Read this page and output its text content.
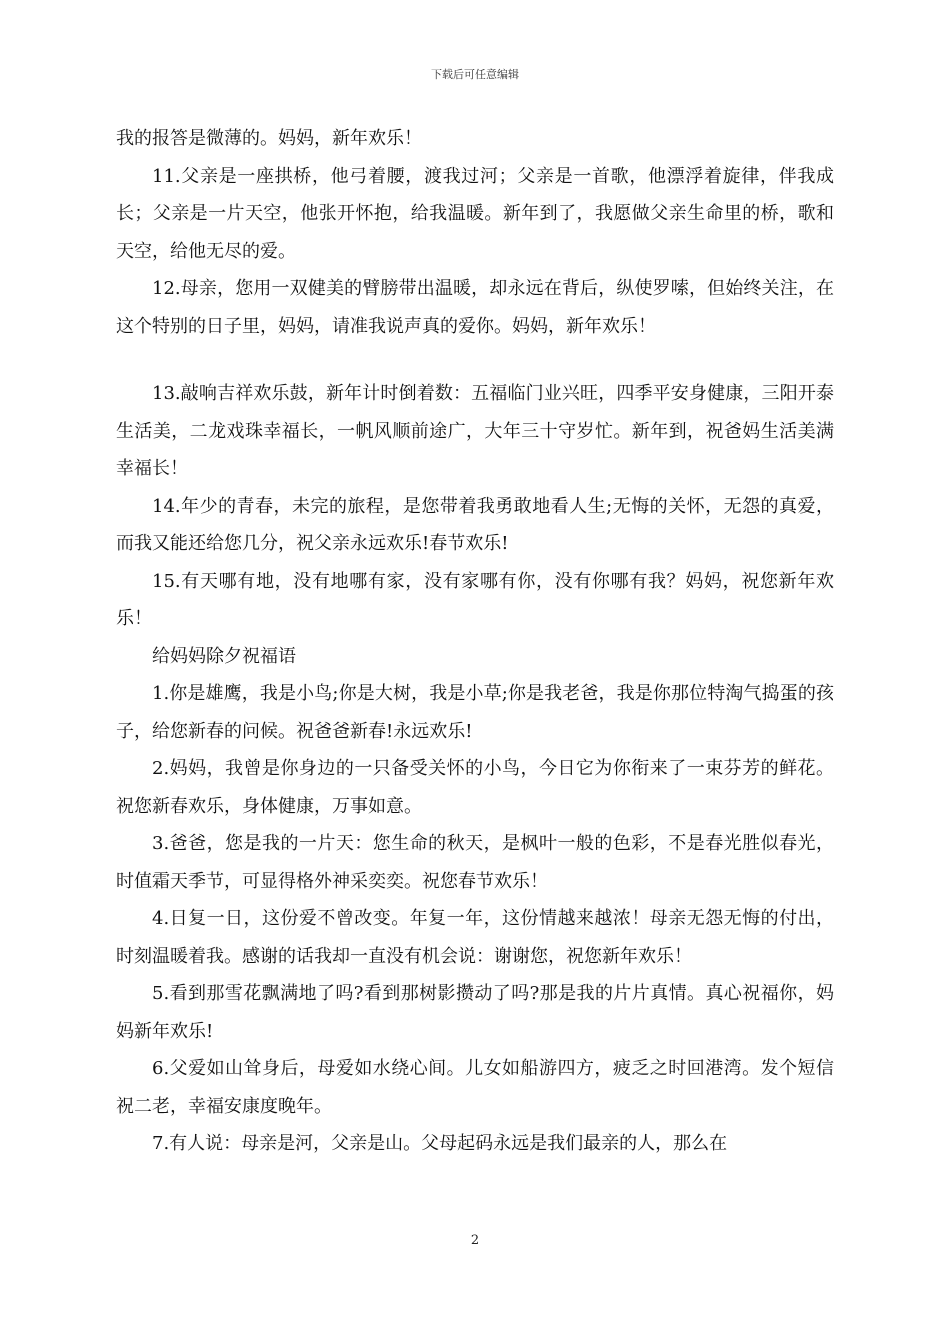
下载后可任意编辑

我的报答是微薄的。妈妈，新年欢乐！

11.父亲是一座拱桥，他弓着腰，渡我过河；父亲是一首歌，他漂浮着旋律，伴我成长；父亲是一片天空，他张开怀抱，给我温暖。新年到了，我愿做父亲生命里的桥，歌和天空，给他无尽的爱。

12.母亲，您用一双健美的臂膀带出温暖，却永远在背后，纵使罗嗦，但始终关注，在这个特别的日子里，妈妈，请准我说声真的爱你。妈妈，新年欢乐！

13.敲响吉祥欢乐鼓，新年计时倒着数：五福临门业兴旺，四季平安身健康，三阳开泰生活美，二龙戏珠幸福长，一帆风顺前途广，大年三十守岁忙。新年到，祝爸妈生活美满幸福长！

14.年少的青春，未完的旅程，是您带着我勇敢地看人生;无悔的关怀，无怨的真爱，而我又能还给您几分，祝父亲永远欢乐!春节欢乐!

15.有天哪有地，没有地哪有家，没有家哪有你，没有你哪有我？妈妈，祝您新年欢乐！

给妈妈除夕祝福语

1.你是雄鹰，我是小鸟;你是大树，我是小草;你是我老爸，我是你那位特淘气捣蛋的孩子，给您新春的问候。祝爸爸新春!永远欢乐!

2.妈妈，我曾是你身边的一只备受关怀的小鸟，今日它为你衔来了一束芬芳的鲜花。祝您新春欢乐，身体健康，万事如意。

3.爸爸，您是我的一片天：您生命的秋天，是枫叶一般的色彩，不是春光胜似春光，时值霜天季节，可显得格外神采奕奕。祝您春节欢乐！

4.日复一日，这份爱不曾改变。年复一年，这份情越来越浓！母亲无怨无悔的付出，时刻温暖着我。感谢的话我却一直没有机会说：谢谢您，祝您新年欢乐！

5.看到那雪花飘满地了吗?看到那树影攒动了吗?那是我的片片真情。真心祝福你，妈妈新年欢乐!

6.父爱如山耸身后，母爱如水绕心间。儿女如船游四方，疲乏之时回港湾。发个短信祝二老，幸福安康度晚年。

7.有人说：母亲是河，父亲是山。父母起码永远是我们最亲的人，那么在

2
